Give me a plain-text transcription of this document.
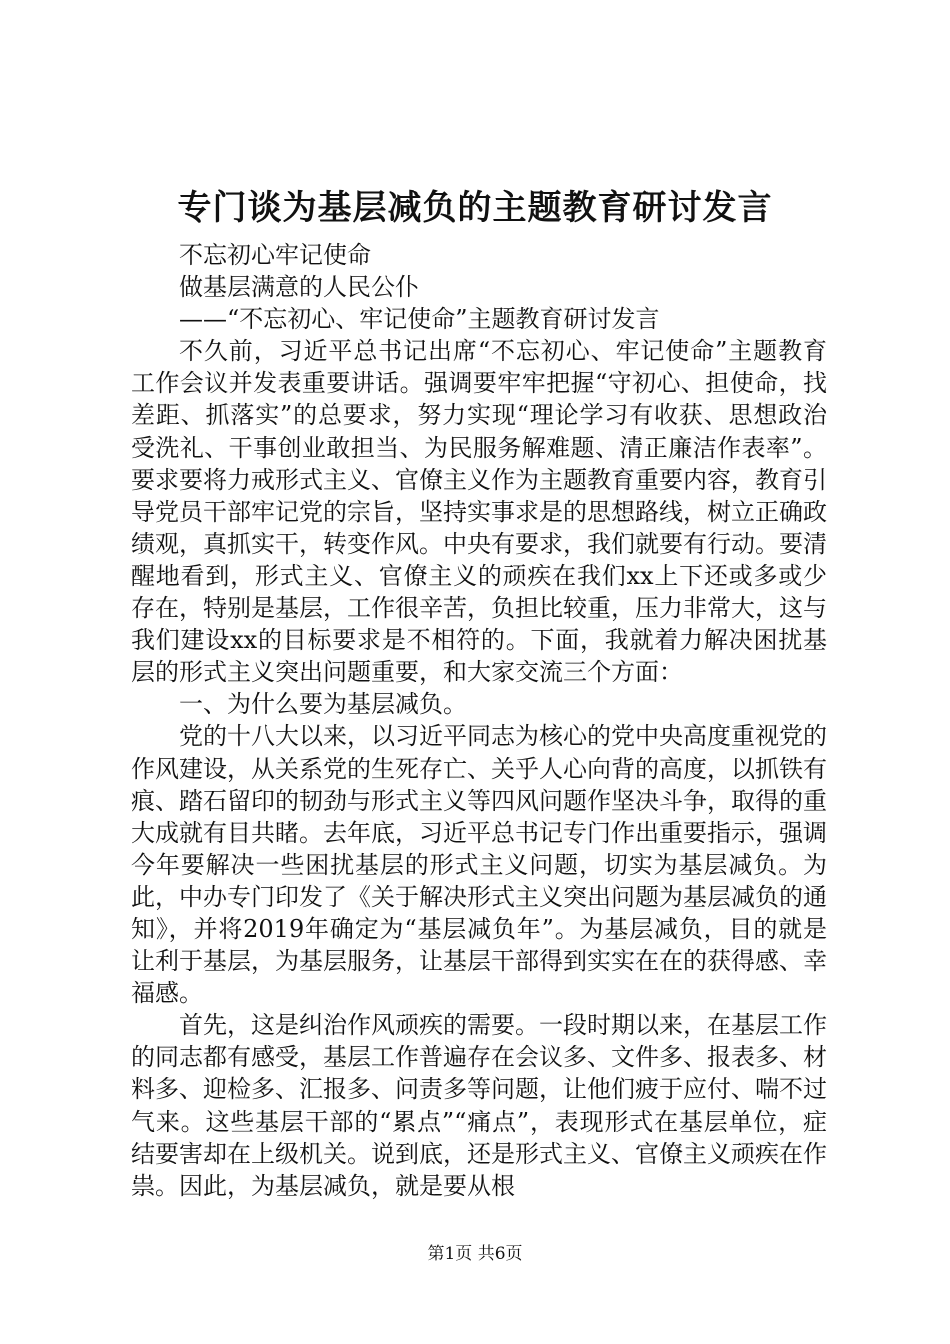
专门谈为基层减负的主题教育研讨发言

不忘初心牢记使命

做基层满意的人民公仆

——“不忘初心、牢记使命”主题教育研讨发言

不久前，习近平总书记出席“不忘初心、牢记使命”主题教育工作会议并发表重要讲话。强调要牢牢把握“守初心、担使命，找差距、抓落实”的总要求，努力实现“理论学习有收获、思想政治受洗礼、干事创业敢担当、为民服务解难题、清正廉洁作表率”。要求要将力戒形式主义、官僚主义作为主题教育重要内容，教育引导党员干部牢记党的宗旨，坚持实事求是的思想路线，树立正确政绩观，真抓实干，转变作风。中央有要求，我们就要有行动。要清醒地看到，形式主义、官僚主义的顽疾在我们xx上下还或多或少存在，特别是基层，工作很辛苦，负担比较重，压力非常大，这与我们建设xx的目标要求是不相符的。下面，我就着力解决困扰基层的形式主义突出问题重要，和大家交流三个方面：

一、为什么要为基层减负。

党的十八大以来，以习近平同志为核心的党中央高度重视党的作风建设，从关系党的生死存亡、关乎人心向背的高度，以抓铁有痕、踏石留印的韧劲与形式主义等四风问题作坚决斗争，取得的重大成就有目共睹。去年底，习近平总书记专门作出重要指示，强调今年要解决一些困扰基层的形式主义问题，切实为基层减负。为此，中办专门印发了《关于解决形式主义突出问题为基层减负的通知》，并将2019年确定为“基层减负年”。为基层减负，目的就是让利于基层，为基层服务，让基层干部得到实实在在的获得感、幸福感。

首先，这是纠治作风顽疾的需要。一段时期以来，在基层工作的同志都有感受，基层工作普遍存在会议多、文件多、报表多、材料多、迎检多、汇报多、问责多等问题，让他们疲于应付、喘不过气来。这些基层干部的“累点”“痛点”，表现形式在基层单位，症结要害却在上级机关。说到底，还是形式主义、官僚主义顽疾在作祟。因此，为基层减负，就是要从根

第1页 共6页
